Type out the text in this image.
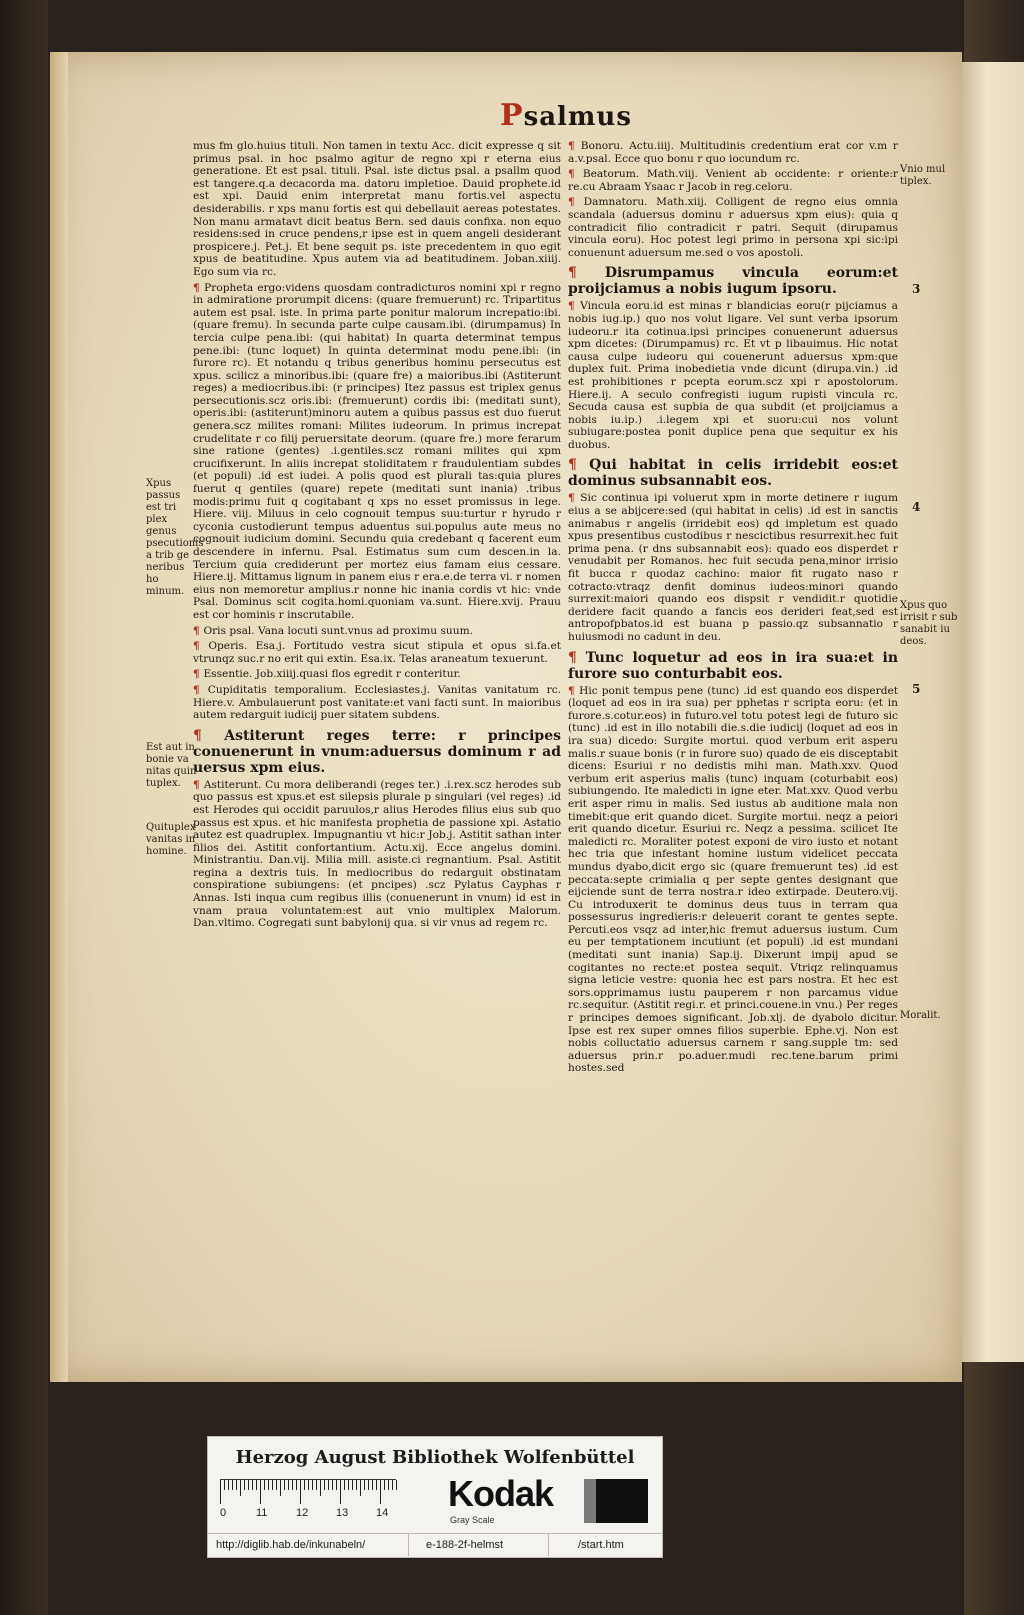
Psalmus

mus fm glo.huius tituli. Non tamen in textu Acc. dicit expresse q sit primus psal. in hoc psalmo agitur de regno xpi r eterna eius generatione. Et est psal. tituli. Psal. iste dictus psal. a psallm quod est tangere.q.a decacorda ma. datoru impletioe. Dauid prophete.id est xpi. Dauid enim interpretat manu fortis.vel aspectu desiderabilis. r xps manu fortis est qui debellauit aereas potestates. Non manu armatavt dicit beatus Bern. sed dauis confixa. non equo residens:sed in cruce pendens,r ipse est in quem angeli desiderant prospicere.j. Pet.j. Et bene sequit ps. iste precedentem in quo egit xpus de beatitudine. Xpus autem via ad beatitudinem. Joban.xiiij. Ego sum via rc.

¶ Propheta ergo:videns quosdam contradicturos nomini xpi r regno in admiratione prorumpit dicens: (quare fremuerunt) rc. Tripartitus autem est psal. iste. In prima parte ponitur malorum increpatio:ibi. (quare fremu). In secunda parte culpe causam.ibi. (dirumpamus) In tercia culpe pena.ibi: (qui habitat) In quarta determinat tempus pene.ibi: (tunc loquet) In quinta determinat modu pene.ibi: (in furore rc). Et notandu q tribus generibus hominu persecutus est xpus. scilicz a minoribus.ibi: (quare fre) a maioribus.ibi (Astiterunt reges) a mediocribus.ibi: (r principes) Itez passus est triplex genus persecutionis.scz oris.ibi: (fremuerunt) cordis ibi: (meditati sunt), operis.ibi: (astiterunt)minoru autem a quibus passus est duo fuerut genera.scz milites romani: Milites iudeorum. In primus increpat crudelitate r co filij peruersitate deorum. (quare fre.) more ferarum sine ratione (gentes) .i.gentiles.scz romani milites qui xpm crucifixerunt. In aliis increpat stoliditatem r fraudulentiam subdes (et populi) .id est iudei. A polis quod est plurali tas:quia plures fuerut q gentiles (quare) repete (meditati sunt inania) .tribus modis:primu fuit q cogitabant q xps no esset promissus in lege. Hiere. viij. Miluus in celo cognouit tempus suu:turtur r hyrudo r cyconia custodierunt tempus aduentus sui.populus aute meus no cognouit iudicium domini. Secundu quia credebant q facerent eum descendere in infernu. Psal. Estimatus sum cum descen.in la. Tercium quia crediderunt per mortez eius famam eius cessare. Hiere.ij. Mittamus lignum in panem eius r era.e.de terra vi. r nomen eius non memoretur amplius.r nonne hic inania cordis vt hic: vnde Psal. Dominus scit cogita.homi.quoniam va.sunt. Hiere.xvij. Prauu est cor hominis r inscrutabile.

¶ Oris psal. Vana locuti sunt.vnus ad proximu suum.

¶ Operis. Esa.j. Fortitudo vestra sicut stipula et opus si.fa.et vtrunqz suc.r no erit qui extin. Esa.ix. Telas araneatum texuerunt.

¶ Essentie. Job.xiiij.quasi flos egredit r conteritur.

¶ Cupiditatis temporalium. Ecclesiastes.j. Vanitas vanitatum rc. Hiere.v. Ambulauerunt post vanitate:et vani facti sunt. In maioribus autem redarguit iudicij puer sitatem subdens.

¶ Astiterunt reges terre: r principes conuenerunt in vnum:aduersus dominum r ad uersus xpm eius.

¶ Astiterunt. Cu mora deliberandi (reges ter.) .i.rex.scz herodes sub quo passus est xpus.et est silepsis plurale p singulari (vel reges) .id est Herodes qui occidit paruulos,r alius Herodes filius eius sub quo passus est xpus. et hic manifesta prophetia de passione xpi. Astatio autez est quadruplex. Impugnantiu vt hic:r Job.j. Astitit sathan inter filios dei. Astitit confortantium. Actu.xij. Ecce angelus domini. Ministrantiu. Dan.vij. Milia mill. asiste.ci regnantium. Psal. Astitit regina a dextris tuis. In mediocribus do redarguit obstinatam conspiratione subiungens: (et pncipes) .scz Pylatus Cayphas r Annas. Isti inqua cum regibus illis (conuenerunt in vnum) id est in vnam praua voluntatem:est aut vnio multiplex Malorum. Dan.vltimo. Cogregati sunt babylonij qua. si vir vnus ad regem rc.

¶ Bonoru. Actu.iiij. Multitudinis credentium erat cor v.m r a.v.psal. Ecce quo bonu r quo iocundum rc.

¶ Beatorum. Math.viij. Venient ab occidente: r oriente:r re.cu Abraam Ysaac r Jacob in reg.celoru.

¶ Damnatoru. Math.xiij. Colligent de regno eius omnia scandala (aduersus dominu r aduersus xpm eius): quia q contradicit filio contradicit r patri. Sequit (dirupamus vincula eoru). Hoc potest legi primo in persona xpi sic:ipi conuenunt aduersum me.sed o vos apostoli.

¶ Disrumpamus vincula eorum:et proijciamus a nobis iugum ipsoru.

¶ Vincula eoru.id est minas r blandicias eoru(r pijciamus a nobis iug.ip.) quo nos volut ligare. Vel sunt verba ipsorum iudeoru.r ita cotinua.ipsi principes conuenerunt aduersus xpm dicetes: (Dirumpamus) rc. Et vt p libauimus. Hic notat causa culpe iudeoru qui couenerunt aduersus xpm:que duplex fuit. Prima inobedietia vnde dicunt (dirupa.vin.) .id est prohibitiones r pcepta eorum.scz xpi r apostolorum. Hiere.ij. A seculo confregisti iugum rupisti vincula rc. Secuda causa est supbia de qua subdit (et proijciamus a nobis iu.ip.) .i.legem xpi et suoru:cui nos volunt subiugare:postea ponit duplice pena que sequitur ex his duobus.

¶ Qui habitat in celis irridebit eos:et dominus subsannabit eos.

¶ Sic continua ipi voluerut xpm in morte detinere r iugum eius a se abijcere:sed (qui habitat in celis) .id est in sanctis animabus r angelis (irridebit eos) qd impletum est quado xpus presentibus custodibus r nescictibus resurrexit.hec fuit prima pena. (r dns subsannabit eos): quado eos disperdet r venudabit per Romanos. hec fuit secuda pena,minor irrisio fit bucca r quodaz cachino: maior fit rugato naso r cotracto:vtraqz denfit dominus iudeos:minori quando surrexit:maiori quando eos dispsit r vendidit.r quotidie deridere facit quando a fancis eos derideri feat,sed est antropofpbatos.id est buana p passio.qz subsannatio r huiusmodi no cadunt in deu.

¶ Tunc loquetur ad eos in ira sua:et in furore suo conturbabit eos.

¶ Hic ponit tempus pene (tunc) .id est quando eos disperdet (loquet ad eos in ira sua) per pphetas r scripta eoru: (et in furore.s.cotur.eos) in futuro.vel totu potest legi de futuro sic (tunc) .id est in illo notabili die.s.die iudicij (loquet ad eos in ira sua) dicedo: Surgite mortui. quod verbum erit asperu malis.r suaue bonis (r in furore suo) quado de eis disceptabit dicens: Esuriui r no dedistis mihi man. Math.xxv. Quod verbum erit asperius malis (tunc) inquam (coturbabit eos) subiungendo. Ite maledicti in igne eter. Mat.xxv. Quod verbu erit asper rimu in malis. Sed iustus ab auditione mala non timebit:que erit quando dicet. Surgite mortui. neqz a peiori erit quando dicetur. Esuriui rc. Neqz a pessima. scilicet Ite maledicti rc. Moraliter potest exponi de viro iusto et notant hec tria que infestant homine iustum videlicet peccata mundus dyabo,dicit ergo sic (quare fremuerunt tes) .id est peccata:septe crimialia q per septe gentes designant que eijciende sunt de terra nostra.r ideo extirpade. Deutero.vij. Cu introduxerit te dominus deus tuus in terram qua possessurus ingredieris:r deleuerit corant te gentes septe. Percuti.eos vsqz ad inter,hic fremut aduersus iustum. Cum eu per temptationem incutiunt (et populi) .id est mundani (meditati sunt inania) Sap.ij. Dixerunt impij apud se cogitantes no recte:et postea sequit. Vtriqz relinquamus signa leticie vestre: quonia hec est pars nostra. Et hec est sors.opprimamus iustu pauperem r non parcamus vidue rc.sequitur. (Astitit regi.r. et princi.couene.in vnu.) Per reges r principes demoes significant. Job.xlj. de dyabolo dicitur. Ipse est rex super omnes filios superbie. Ephe.vj. Non est nobis colluctatio aduersus carnem r sang.supple tm: sed aduersus prin.r po.aduer.mudi rec.tene.barum primi hostes.sed

Xpus passus est tri plex genus psecutionis a trib ge neribus ho minum.
Est aut in bonie va nitas quin tuplex.
Quituplex vanitas in homine.
Vnio mul tiplex.
Xpus quo irrisit r sub sanabit iu deos.
Moralit.
3
4
5
Herzog August Bibliothek Wolfenbüttel
0	11	12	13	14 Kodak
Gray Scale
http://diglib.hab.de/inkunabeln/	e-188-2f-helmst	/start.htm
